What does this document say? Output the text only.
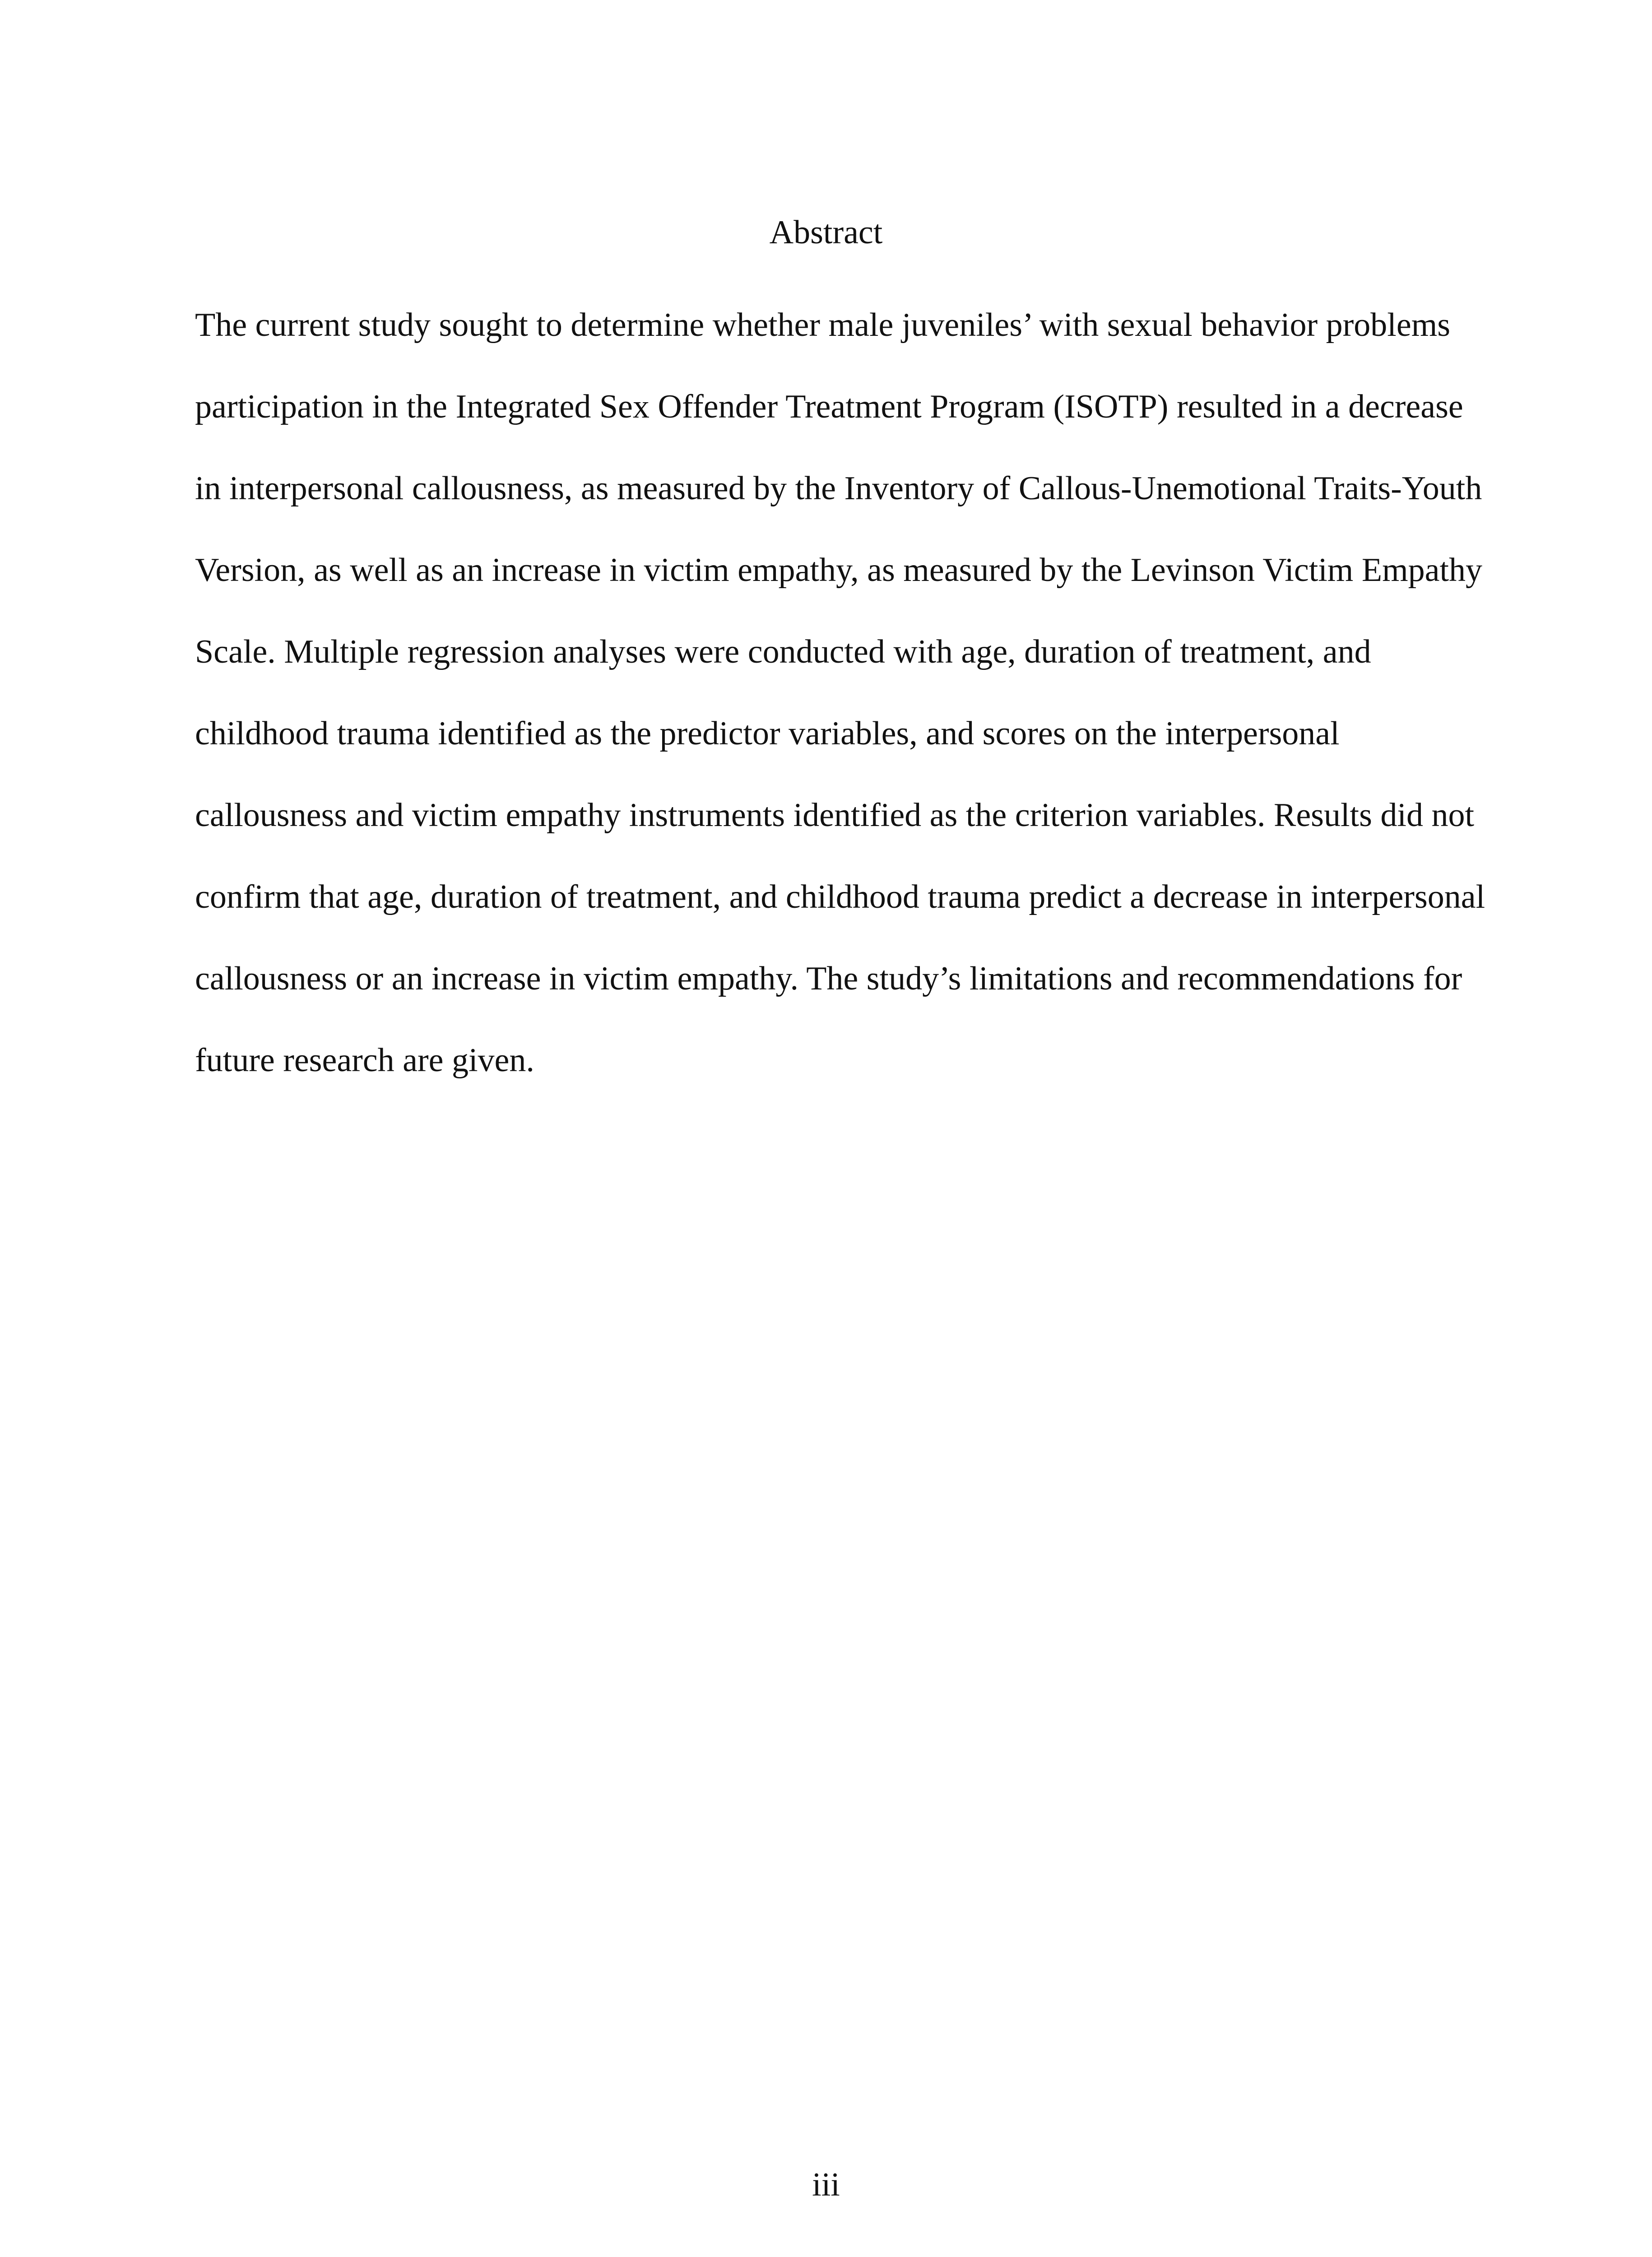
Abstract
The current study sought to determine whether male juveniles’ with sexual behavior problems
participation in the Integrated Sex Offender Treatment Program (ISOTP) resulted in a decrease
in interpersonal callousness, as measured by the Inventory of Callous-Unemotional Traits-Youth
Version, as well as an increase in victim empathy, as measured by the Levinson Victim Empathy
Scale. Multiple regression analyses were conducted with age, duration of treatment, and
childhood trauma identified as the predictor variables, and scores on the interpersonal
callousness and victim empathy instruments identified as the criterion variables. Results did not
confirm that age, duration of treatment, and childhood trauma predict a decrease in interpersonal
callousness or an increase in victim empathy. The study’s limitations and recommendations for
future research are given.
iii
